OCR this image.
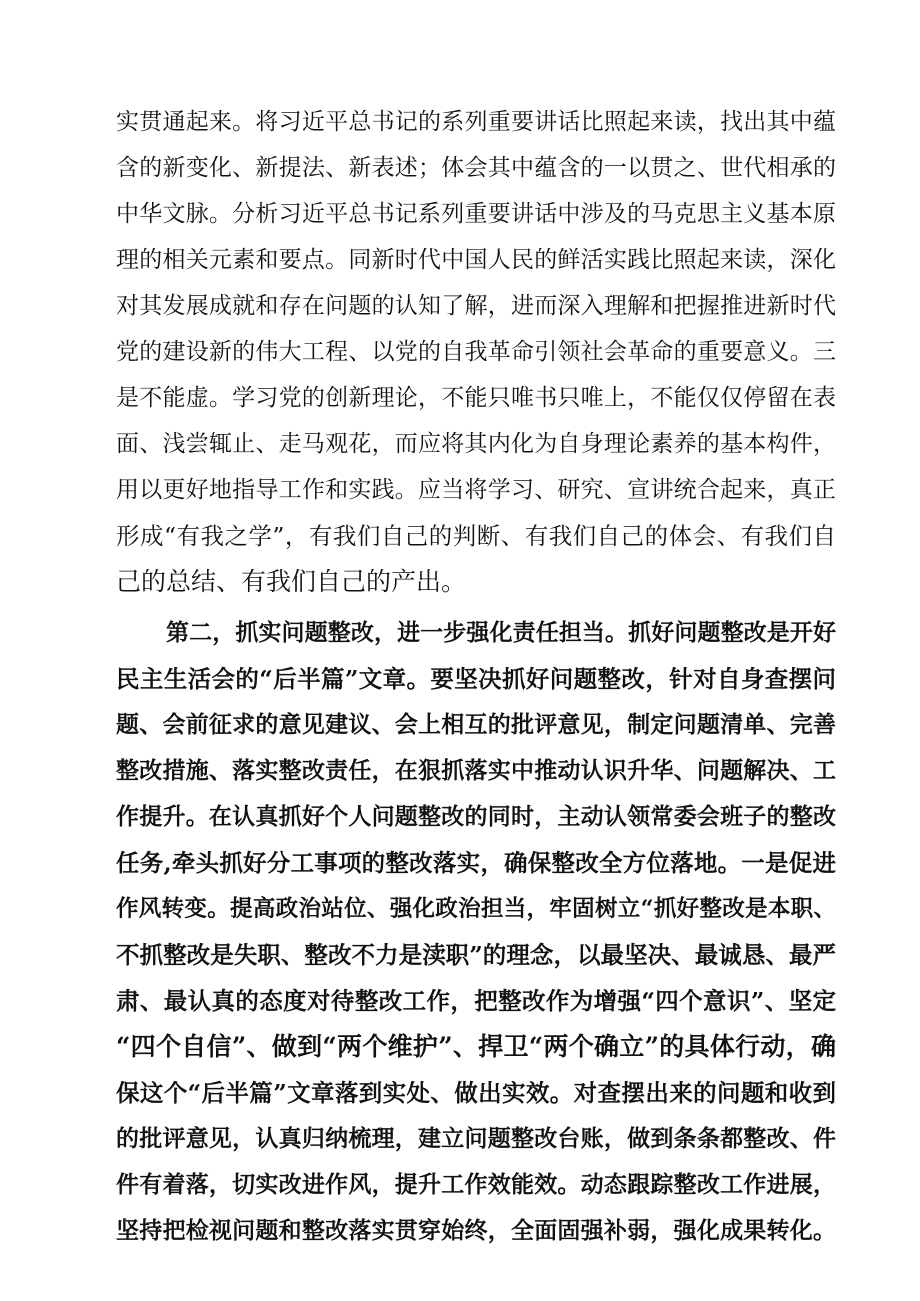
实贯通起来。将习近平总书记的系列重要讲话比照起来读，找出其中蕴
含的新变化、新提法、新表述；体会其中蕴含的一以贯之、世代相承的
中华文脉。分析习近平总书记系列重要讲话中涉及的马克思主义基本原
理的相关元素和要点。同新时代中国人民的鲜活实践比照起来读，深化
对其发展成就和存在问题的认知了解，进而深入理解和把握推进新时代
党的建设新的伟大工程、以党的自我革命引领社会革命的重要意义。三
是不能虚。学习党的创新理论，不能只唯书只唯上，不能仅仅停留在表
面、浅尝辄止、走马观花，而应将其内化为自身理论素养的基本构件，
用以更好地指导工作和实践。应当将学习、研究、宣讲统合起来，真正
形成“有我之学”，有我们自己的判断、有我们自己的体会、有我们自
己的总结、有我们自己的产出。
第二，抓实问题整改，进一步强化责任担当。抓好问题整改是开好
民主生活会的“后半篇”文章。要坚决抓好问题整改，针对自身查摆问
题、会前征求的意见建议、会上相互的批评意见，制定问题清单、完善
整改措施、落实整改责任，在狠抓落实中推动认识升华、问题解决、工
作提升。在认真抓好个人问题整改的同时，主动认领常委会班子的整改
任务,牵头抓好分工事项的整改落实，确保整改全方位落地。一是促进
作风转变。提高政治站位、强化政治担当，牢固树立“抓好整改是本职、
不抓整改是失职、整改不力是渎职”的理念，以最坚决、最诚恳、最严
肃、最认真的态度对待整改工作，把整改作为增强“四个意识”、坚定
“四个自信”、做到“两个维护”、捍卫“两个确立”的具体行动，确
保这个“后半篇”文章落到实处、做出实效。对查摆出来的问题和收到
的批评意见，认真归纳梳理，建立问题整改台账，做到条条都整改、件
件有着落，切实改进作风，提升工作效能效。动态跟踪整改工作进展，
坚持把检视问题和整改落实贯穿始终，全面固强补弱，强化成果转化。
